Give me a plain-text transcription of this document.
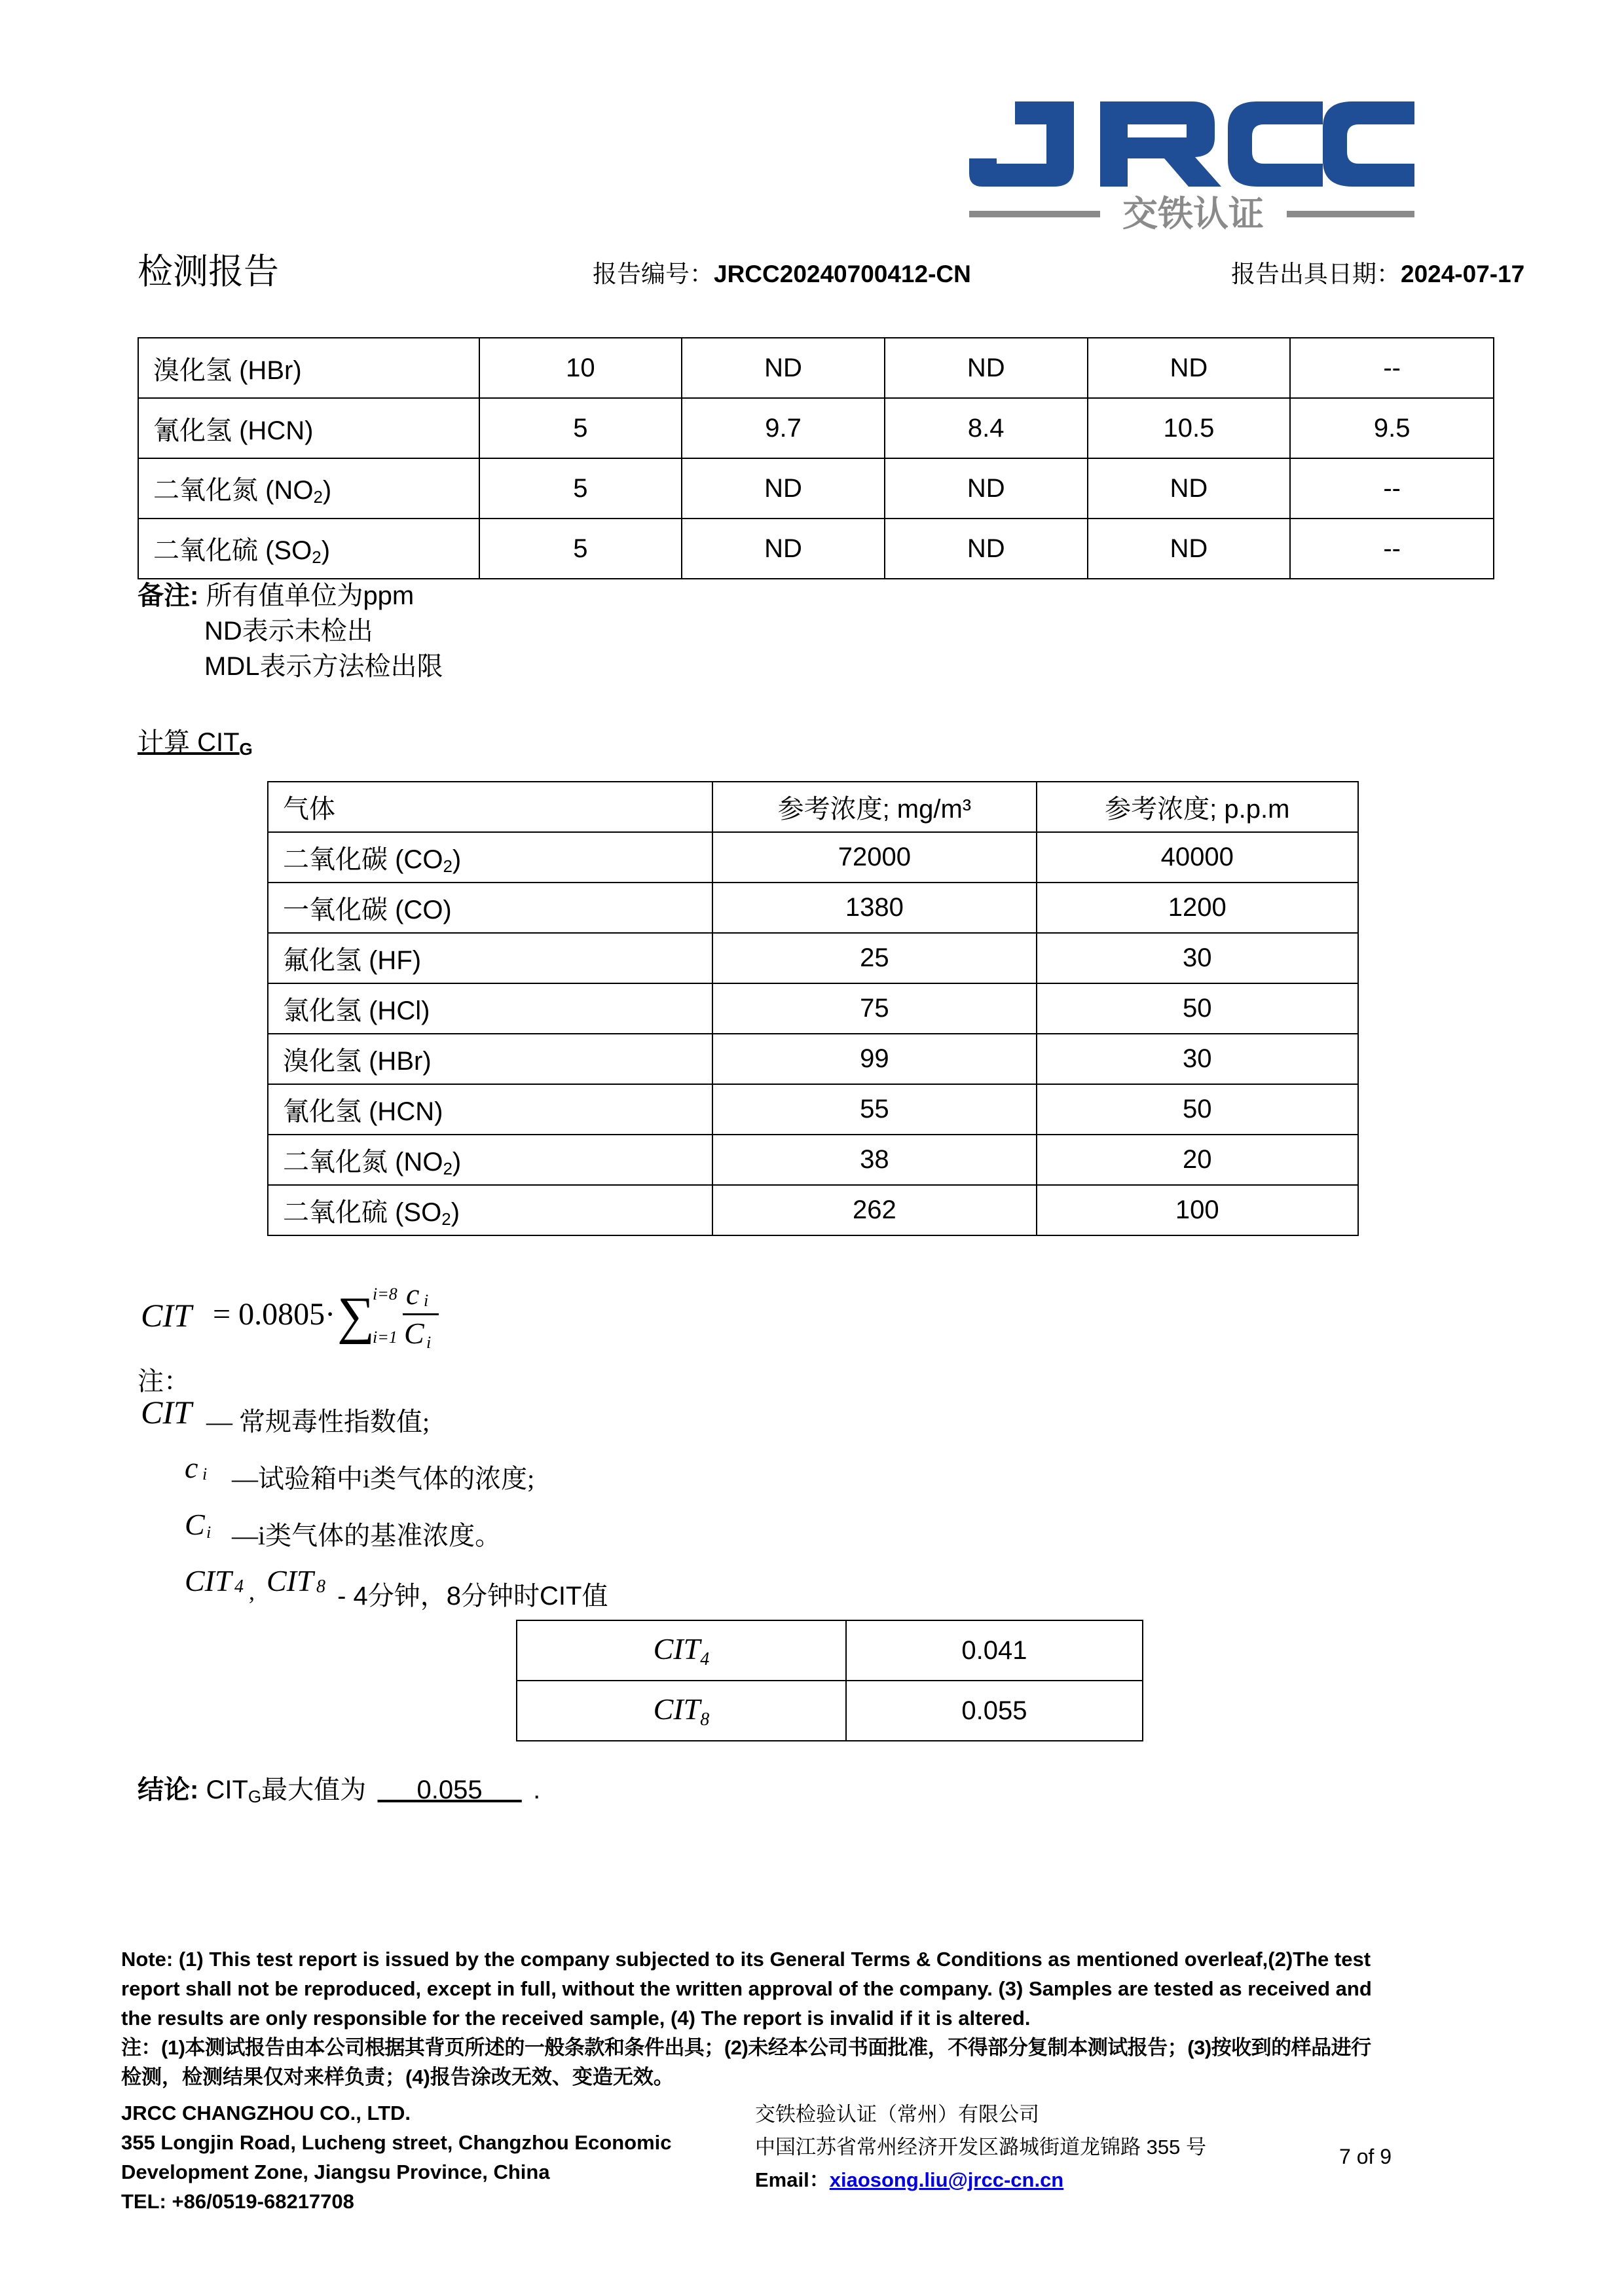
交铁认证
检测报告	报告编号：JRCC20240700412-CN	报告出具日期：2024-07-17
溴化氢 (HBr)	10	ND	ND	ND	--
氰化氢 (HCN)	5	9.7	8.4	10.5	9.5
二氧化氮 $(NO_2)$	5	ND	ND	ND	--
二氧化硫 $(SO_2)$	5	ND	ND	ND	--
备注: 所有值单位为ppm
ND表示未检出
MDL表示方法检出限
计算 $CIT_G$
气体	参考浓度; mg/m³	参考浓度; p.p.m
二氧化碳 $(CO_2)$	72000	40000
一氧化碳 (CO)	1380	1200
氟化氢 (HF)	25	30
氯化氢 (HCl)	75	50
溴化氢 (HBr)	99	30
氰化氢 (HCN)	55	50
二氧化氮 $(NO_2)$	38	20
二氧化硫 $(SO_2)$	262	100
CIT = 0.0805· ∑
i=8
i=1
c i
C i
注：
CIT — 常规毒性指数值;
c i —试验箱中i类气体的浓度;
C i —i类气体的基准浓度。
CIT 4 , CIT 8 - 4分钟，8分钟时CIT值
$CIT_4$	0.041
$CIT_8$	0.055
结论: $CIT_G$最大值为   0.055   .
Note: (1) This test report is issued by the company subjected to its General Terms & Conditions as mentioned overleaf,(2)The test
report shall not be reproduced, except in full, without the written approval of the company. (3) Samples are tested as received and
the results are only responsible for the received sample, (4) The report is invalid if it is altered.
注：(1)本测试报告由本公司根据其背页所述的一般条款和条件出具；(2)未经本公司书面批准，不得部分复制本测试报告；(3)按收到的样品进行
检测，检测结果仅对来样负责；(4)报告涂改无效、变造无效。
JRCC CHANGZHOU CO., LTD.
355 Longjin Road, Lucheng street, Changzhou Economic
Development Zone, Jiangsu Province, China
TEL: +86/0519-68217708
交铁检验认证（常州）有限公司
中国江苏省常州经济开发区潞城街道龙锦路 355 号
Email：xiaosong.liu@jrcc-cn.cn
7 of 9
